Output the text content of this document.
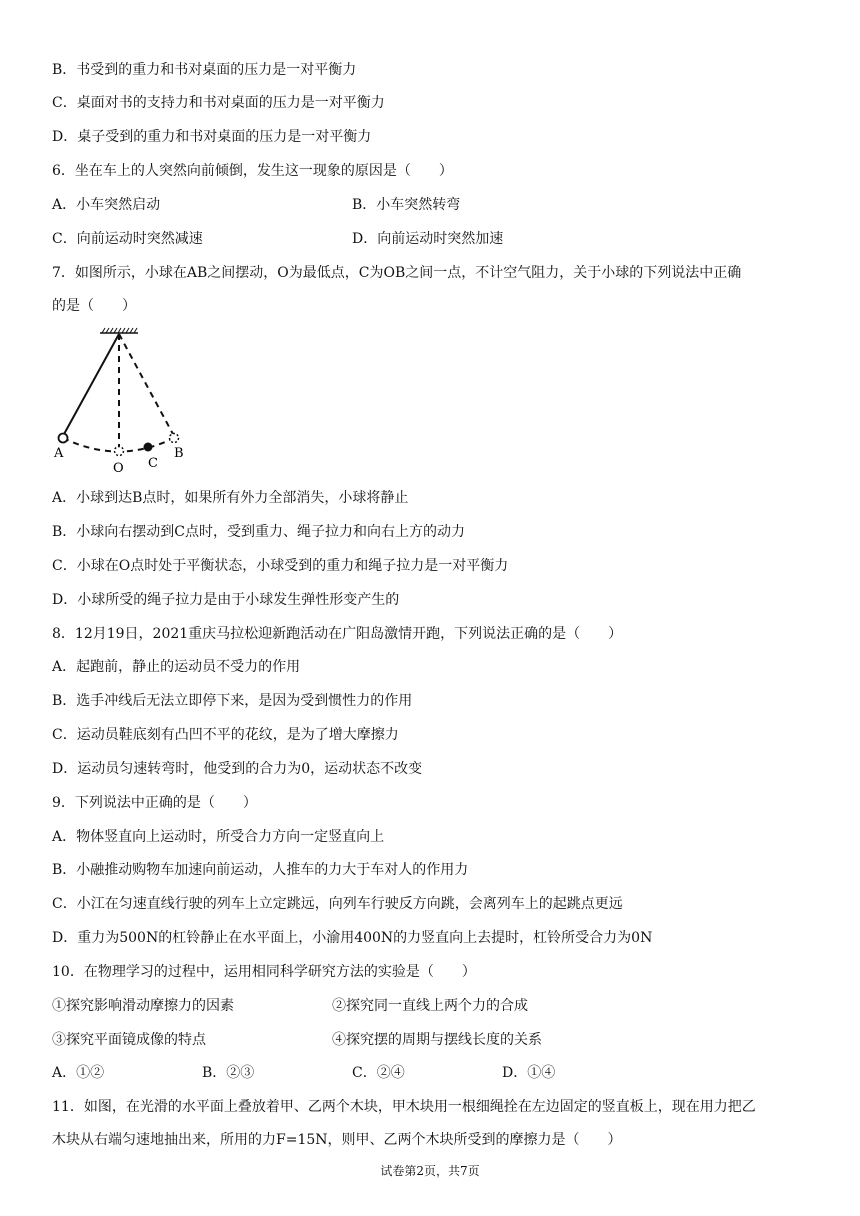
B．书受到的重力和书对桌面的压力是一对平衡力
C．桌面对书的支持力和书对桌面的压力是一对平衡力
D．桌子受到的重力和书对桌面的压力是一对平衡力
6．坐在车上的人突然向前倾倒，发生这一现象的原因是（　　）
A．小车突然启动	B．小车突然转弯
C．向前运动时突然减速	D．向前运动时突然加速
7．如图所示，小球在AB之间摆动，O为最低点，C为OB之间一点，不计空气阻力，关于小球的下列说法中正确
的是（　　）
A
O C
B
A．小球到达B点时，如果所有外力全部消失，小球将静止
B．小球向右摆动到C点时，受到重力、绳子拉力和向右上方的动力
C．小球在O点时处于平衡状态，小球受到的重力和绳子拉力是一对平衡力
D．小球所受的绳子拉力是由于小球发生弹性形变产生的
8．12月19日，2021重庆马拉松迎新跑活动在广阳岛激情开跑，下列说法正确的是（　　）
A．起跑前，静止的运动员不受力的作用
B．选手冲线后无法立即停下来，是因为受到惯性力的作用
C．运动员鞋底刻有凸凹不平的花纹，是为了增大摩擦力
D．运动员匀速转弯时，他受到的合力为0，运动状态不改变
9．下列说法中正确的是（　　）
A．物体竖直向上运动时，所受合力方向一定竖直向上
B．小融推动购物车加速向前运动，人推车的力大于车对人的作用力
C．小江在匀速直线行驶的列车上立定跳远，向列车行驶反方向跳，会离列车上的起跳点更远
D．重力为500N的杠铃静止在水平面上，小渝用400N的力竖直向上去提时，杠铃所受合力为0N
10．在物理学习的过程中，运用相同科学研究方法的实验是（　　）
①探究影响滑动摩擦力的因素	②探究同一直线上两个力的合成
③探究平面镜成像的特点	④探究摆的周期与摆线长度的关系
A．①②	B．②③	C．②④	D．①④
11．如图，在光滑的水平面上叠放着甲、乙两个木块，甲木块用一根细绳拴在左边固定的竖直板上，现在用力把乙
木块从右端匀速地抽出来，所用的力F=15N，则甲、乙两个木块所受到的摩擦力是（　　）
试卷第2页，共7页
